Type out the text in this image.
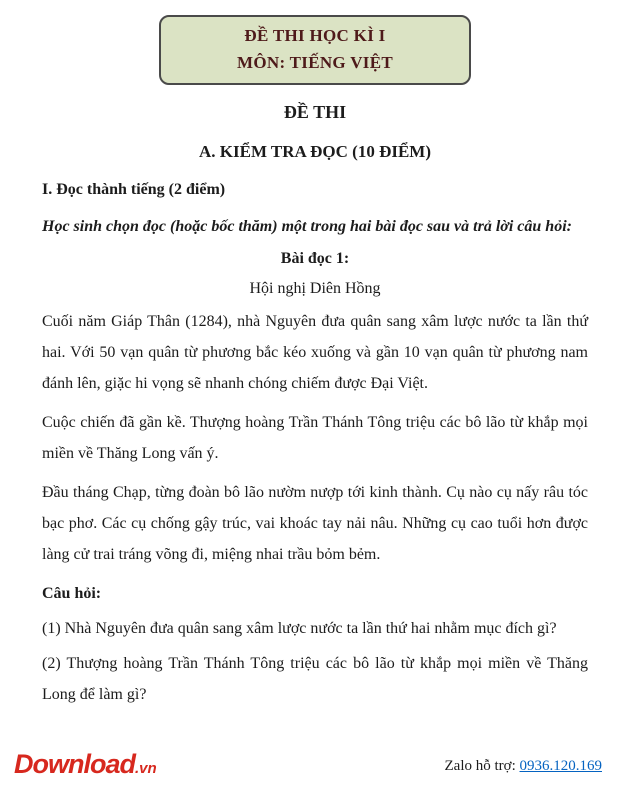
ĐỀ THI HỌC KÌ I
MÔN: TIẾNG VIỆT
ĐỀ THI
A. KIỂM TRA ĐỌC (10 ĐIỂM)
I. Đọc thành tiếng (2 điểm)
Học sinh chọn đọc (hoặc bốc thăm) một trong hai bài đọc sau và trả lời câu hỏi:
Bài đọc 1:
Hội nghị Diên Hồng

Cuối năm Giáp Thân (1284), nhà Nguyên đưa quân sang xâm lược nước ta lần thứ hai. Với 50 vạn quân từ phương bắc kéo xuống và gần 10 vạn quân từ phương nam đánh lên, giặc hi vọng sẽ nhanh chóng chiếm được Đại Việt.

Cuộc chiến đã gần kề. Thượng hoàng Trần Thánh Tông triệu các bô lão từ khắp mọi miền về Thăng Long vấn ý.

Đầu tháng Chạp, từng đoàn bô lão nườm nượp tới kinh thành. Cụ nào cụ nấy râu tóc bạc phơ. Các cụ chống gậy trúc, vai khoác tay nải nâu. Những cụ cao tuổi hơn được làng cử trai tráng võng đi, miệng nhai trầu bỏm bẻm.

Câu hỏi:

(1) Nhà Nguyên đưa quân sang xâm lược nước ta lần thứ hai nhằm mục đích gì?

(2) Thượng hoàng Trần Thánh Tông triệu các bô lão từ khắp mọi miền về Thăng Long để làm gì?

Download.vn	Zalo hỗ trợ: 0936.120.169
